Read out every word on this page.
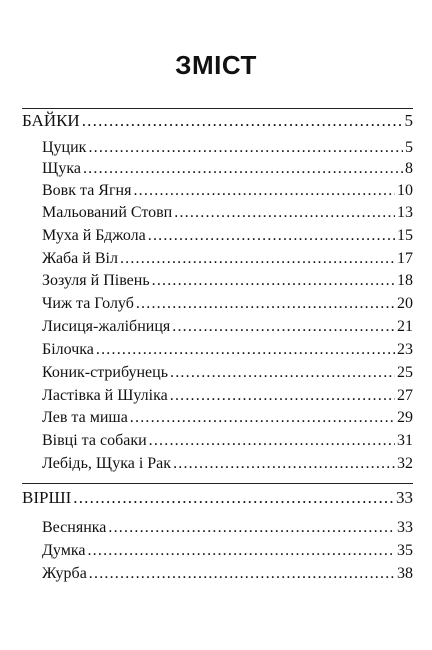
ЗМІСТ
БАЙКИ .....	5
Цуцик .....	5
Щука .....	8
Вовк та Ягня .....	10
Мальований Стовп .....	13
Муха й Бджола .....	15
Жаба й Віл .....	17
Зозуля й Півень .....	18
Чиж та Голуб .....	20
Лисиця-жалібниця .....	21
Білочка .....	23
Коник-стрибунець .....	25
Ластівка й Шуліка .....	27
Лев та миша .....	29
Вівці та собаки .....	31
Лебідь, Щука і Рак .....	32
ВІРШІ .....	33
Веснянка .....	33
Думка .....	35
Журба .....	38
